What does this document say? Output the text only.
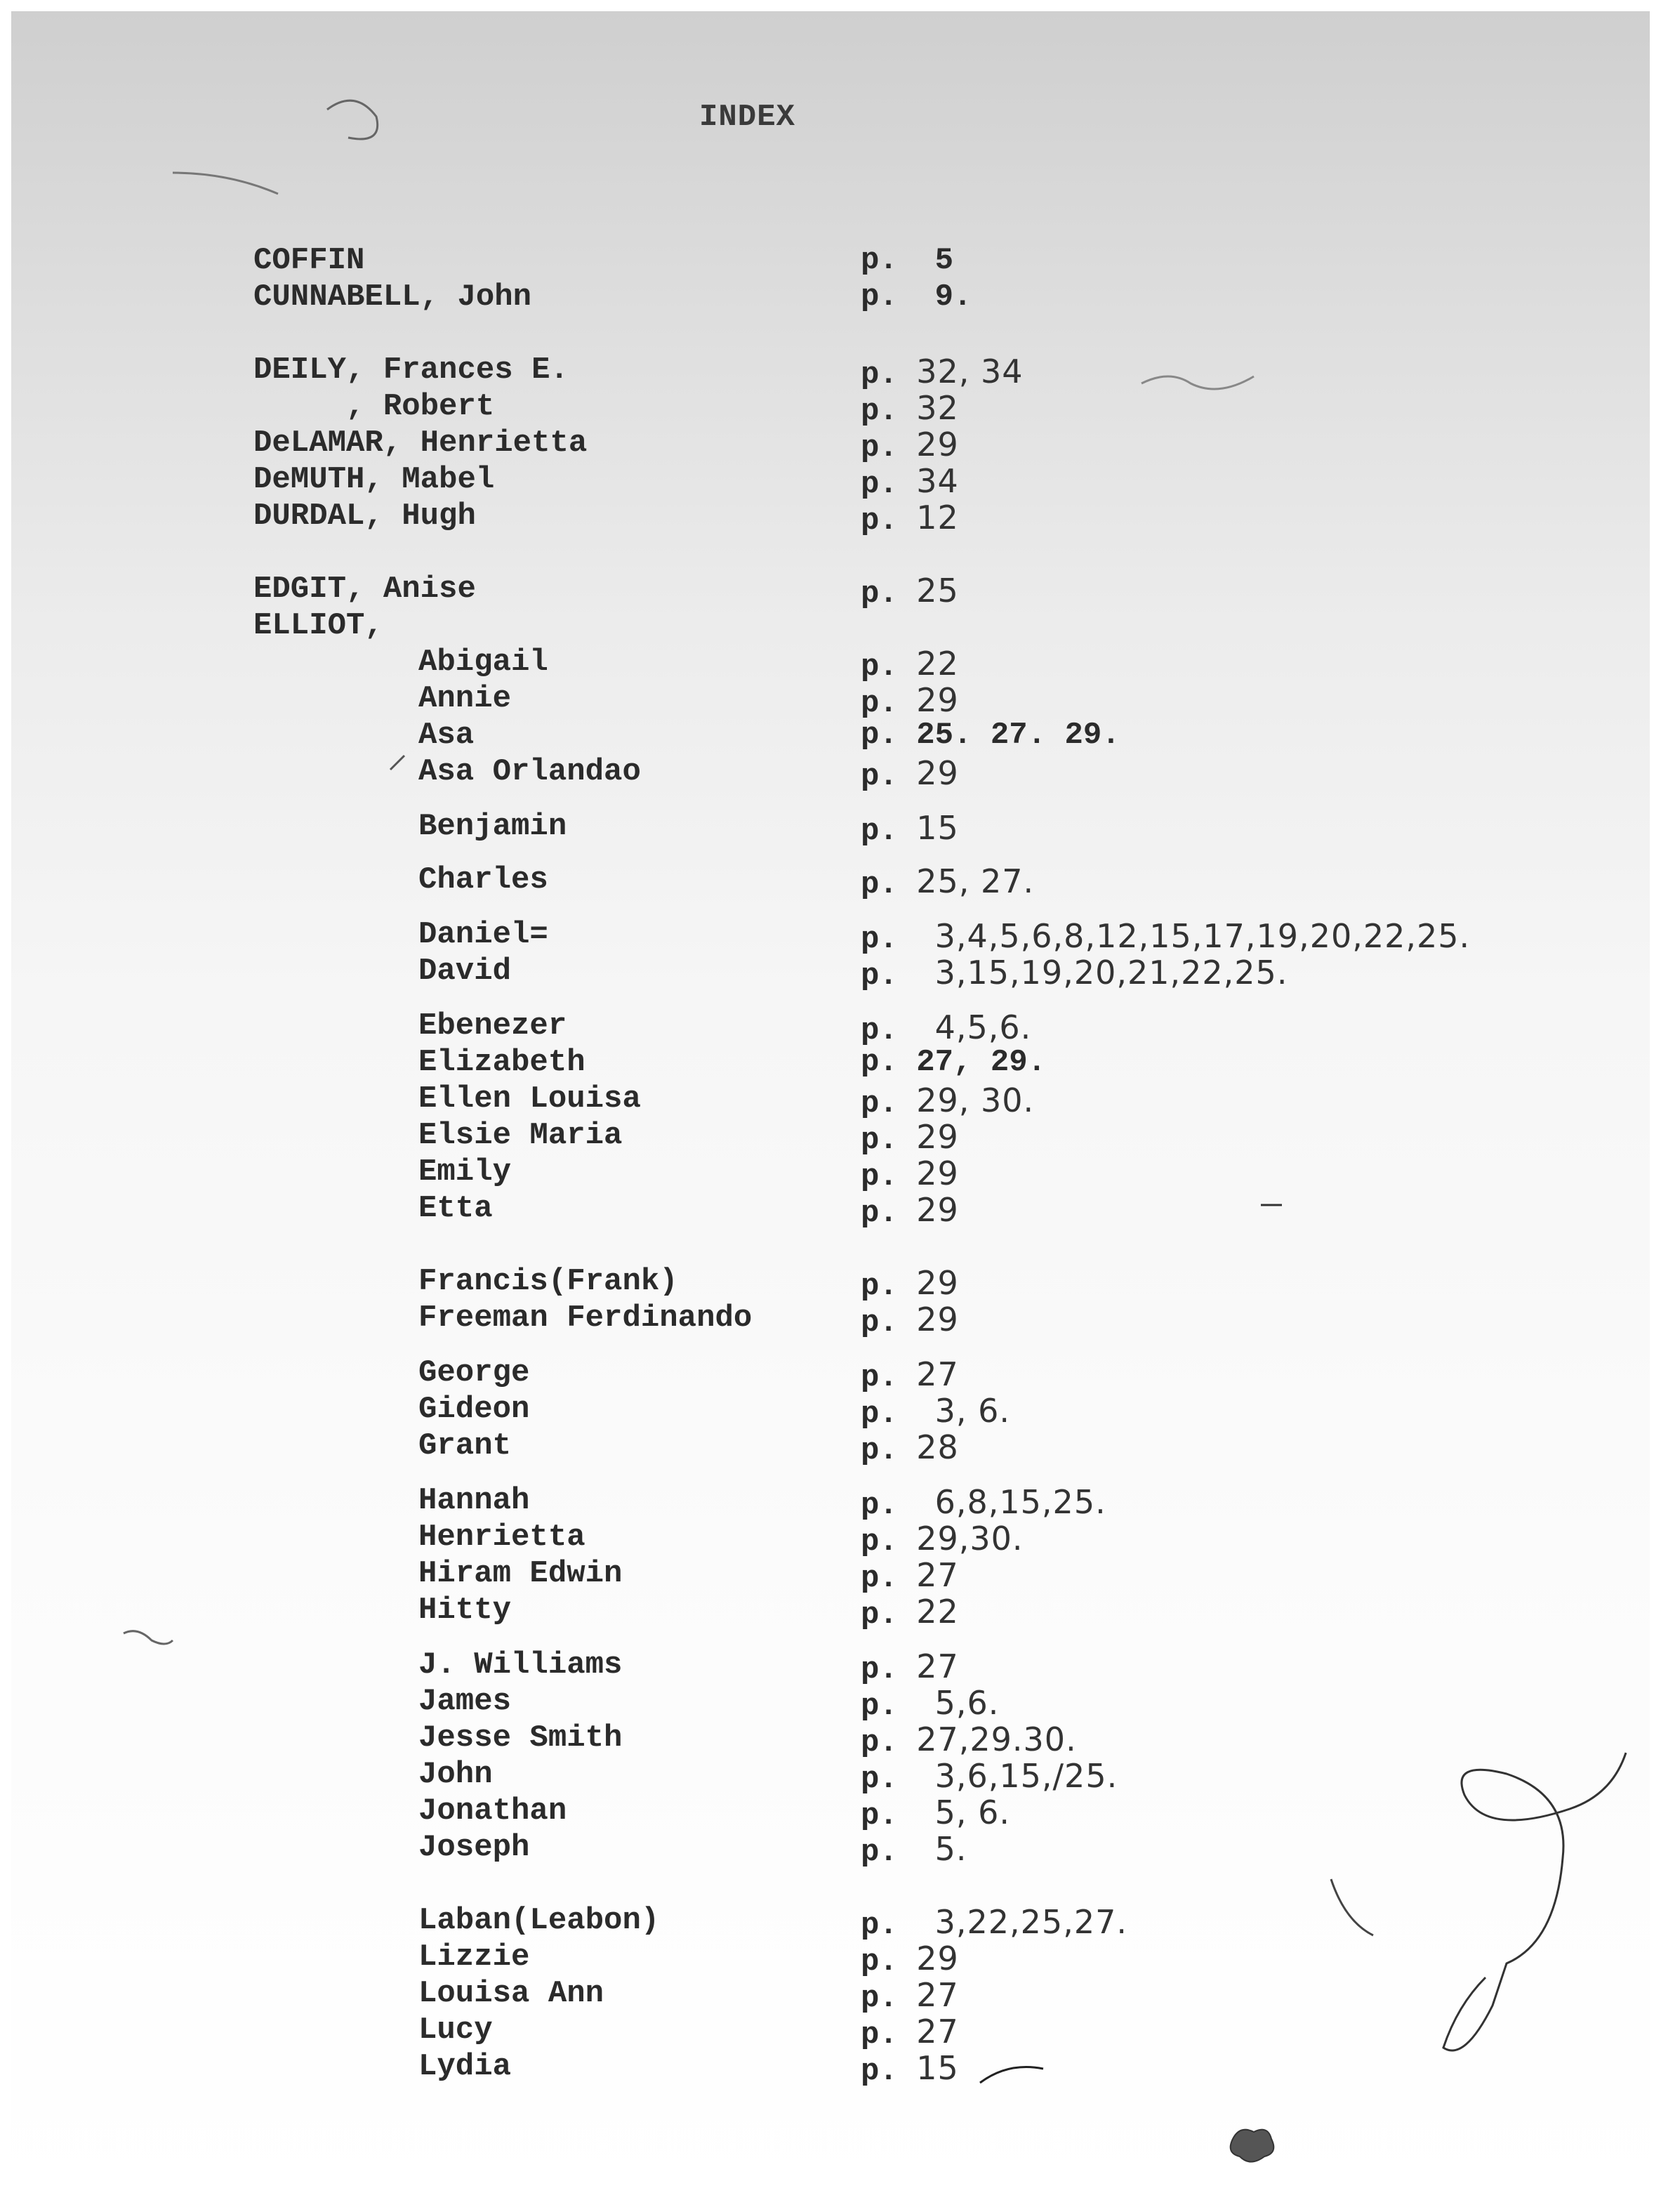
INDEX
COFFIN	p. 5
CUNNABELL, John	p. 9.
DEILY, Frances E.	p. 32, 34
, Robert	p. 32
DeLAMAR, Henrietta	p. 29
DeMUTH, Mabel	p. 34
DURDAL, Hugh	p. 12
EDGIT, Anise	p. 25
ELLIOT,
Abigail	p. 22
Annie	p. 29
Asa	p. 25. 27. 29.
Asa Orlandao	p. 29
Benjamin	p. 15
Charles	p. 25, 27.
Daniel=	p. 3,4,5,6,8,12,15,17,19,20,22,25.
David	p. 3,15,19,20,21,22,25.
Ebenezer	p. 4,5,6.
Elizabeth	p. 27, 29.
Ellen Louisa	p. 29, 30.
Elsie Maria	p. 29
Emily	p. 29
Etta	p. 29
Francis(Frank)	p. 29
Freeman Ferdinando	p. 29
George	p. 27
Gideon	p. 3, 6.
Grant	p. 28
Hannah	p. 6,8,15,25.
Henrietta	p. 29,30.
Hiram Edwin	p. 27
Hitty	p. 22
J. Williams	p. 27
James	p. 5,6.
Jesse Smith	p. 27,29.30.
John	p. 3,6,15,/25.
Jonathan	p. 5, 6.
Joseph	p. 5.
Laban(Leabon)	p. 3,22,25,27.
Lizzie	p. 29
Louisa Ann	p. 27
Lucy	p. 27
Lydia	p. 15
